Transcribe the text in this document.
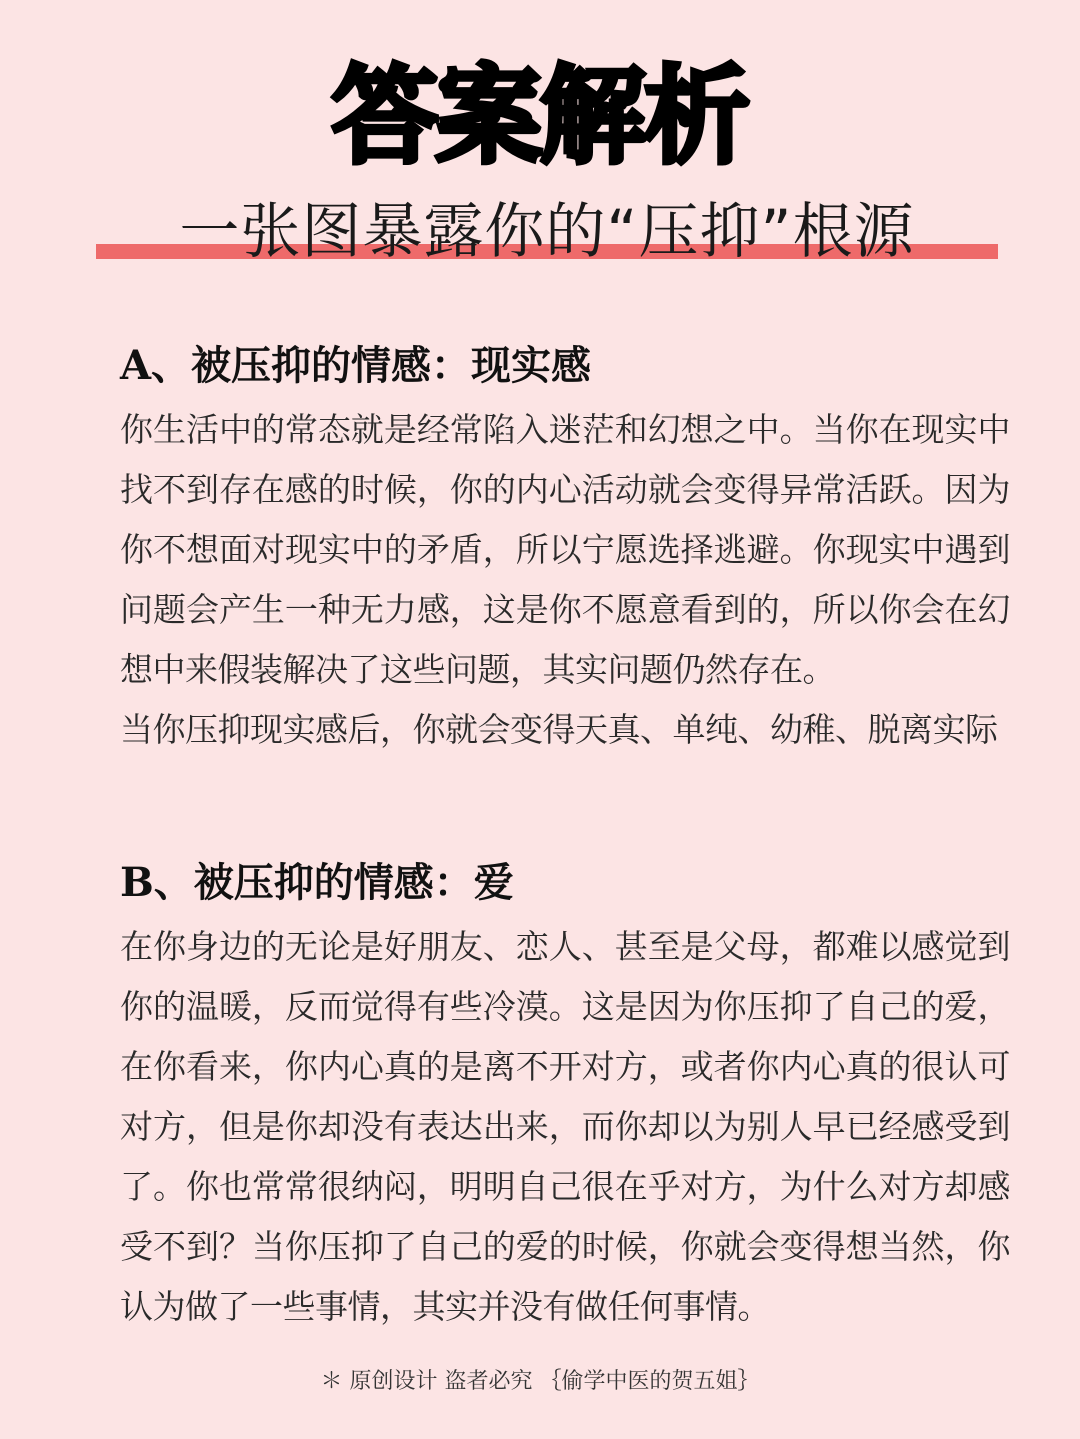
答案解析
一张图暴露你的“压抑”根源
A、被压抑的情感：现实感

你生活中的常态就是经常陷入迷茫和幻想之中。当你在现实中找不到存在感的时候，你的内心活动就会变得异常活跃。因为你不想面对现实中的矛盾，所以宁愿选择逃避。你现实中遇到问题会产生一种无力感，这是你不愿意看到的，所以你会在幻想中来假装解决了这些问题，其实问题仍然存在。

当你压抑现实感后，你就会变得天真、单纯、幼稚、脱离实际

B、被压抑的情感：爱

在你身边的无论是好朋友、恋人、甚至是父母，都难以感觉到你的温暖，反而觉得有些冷漠。这是因为你压抑了自己的爱，在你看来，你内心真的是离不开对方，或者你内心真的很认可对方，但是你却没有表达出来，而你却以为别人早已经感受到了。你也常常很纳闷，明明自己很在乎对方，为什么对方却感受不到？当你压抑了自己的爱的时候，你就会变得想当然，你认为做了一些事情，其实并没有做任何事情。

＊ 原创设计 盗者必究 ｛偷学中医的贺五姐｝
